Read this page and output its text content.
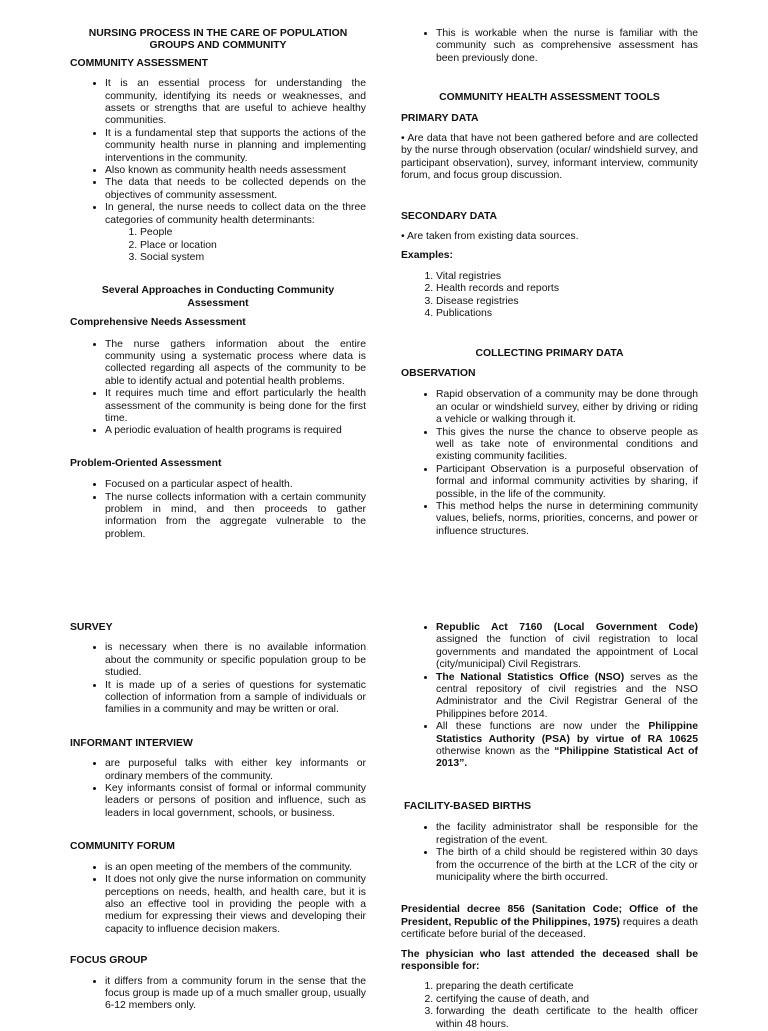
NURSING PROCESS IN THE CARE OF POPULATION GROUPS AND COMMUNITY

COMMUNITY ASSESSMENT

• It is an essential process for understanding the community, identifying its needs or weaknesses, and assets or strengths that are useful to achieve healthy communities.
• It is a fundamental step that supports the actions of the community health nurse in planning and implementing interventions in the community.
• Also known as community health needs assessment
• The data that needs to be collected depends on the objectives of community assessment.
• In general, the nurse needs to collect data on the three categories of community health determinants:
1. People
2. Place or location
3. Social system

Several Approaches in Conducting Community Assessment

Comprehensive Needs Assessment

• The nurse gathers information about the entire community using a systematic process where data is collected regarding all aspects of the community to be able to identify actual and potential health problems.
• It requires much time and effort particularly the health assessment of the community is being done for the first time.
• A periodic evaluation of health programs is required

Problem-Oriented Assessment

• Focused on a particular aspect of health.
• The nurse collects information with a certain community problem in mind, and then proceeds to gather information from the aggregate vulnerable to the problem.
• This is workable when the nurse is familiar with the community such as comprehensive assessment has been previously done.

COMMUNITY HEALTH ASSESSMENT TOOLS

PRIMARY DATA

• Are data that have not been gathered before and are collected by the nurse through observation (ocular/ windshield survey, and participant observation), survey, informant interview, community forum, and focus group discussion.

SECONDARY DATA

• Are taken from existing data sources.

Examples:

1. Vital registries
2. Health records and reports
3. Disease registries
4. Publications

COLLECTING PRIMARY DATA

OBSERVATION

• Rapid observation of a community may be done through an ocular or windshield survey, either by driving or riding a vehicle or walking through it.
• This gives the nurse the chance to observe people as well as take note of environmental conditions and existing community facilities.
• Participant Observation is a purposeful observation of formal and informal community activities by sharing, if possible, in the life of the community.
• This method helps the nurse in determining community values, beliefs, norms, priorities, concerns, and power or influence structures.

SURVEY

• is necessary when there is no available information about the community or specific population group to be studied.
• It is made up of a series of questions for systematic collection of information from a sample of individuals or families in a community and may be written or oral.

INFORMANT INTERVIEW

• are purposeful talks with either key informants or ordinary members of the community.
• Key informants consist of formal or informal community leaders or persons of position and influence, such as leaders in local government, schools, or business.

COMMUNITY FORUM

• is an open meeting of the members of the community.
• It does not only give the nurse information on community perceptions on needs, health, and health care, but it is also an effective tool in providing the people with a medium for expressing their views and developing their capacity to influence decision makers.

FOCUS GROUP

• it differs from a community forum in the sense that the focus group is made up of a much smaller group, usually 6-12 members only.
• Republic Act 7160 (Local Government Code) assigned the function of civil registration to local governments and mandated the appointment of Local (city/municipal) Civil Registrars.
• The National Statistics Office (NSO) serves as the central repository of civil registries and the NSO Administrator and the Civil Registrar General of the Philippines before 2014.
• All these functions are now under the Philippine Statistics Authority (PSA) by virtue of RA 10625 otherwise known as the “Philippine Statistical Act of 2013”.

FACILITY-BASED BIRTHS

• the facility administrator shall be responsible for the registration of the event.
• The birth of a child should be registered within 30 days from the occurrence of the birth at the LCR of the city or municipality where the birth occurred.

Presidential decree 856 (Sanitation Code; Office of the President, Republic of the Philippines, 1975) requires a death certificate before burial of the deceased.

The physician who last attended the deceased shall be responsible for:

1. preparing the death certificate
2. certifying the cause of death, and
3. forwarding the death certificate to the health officer within 48 hours.
